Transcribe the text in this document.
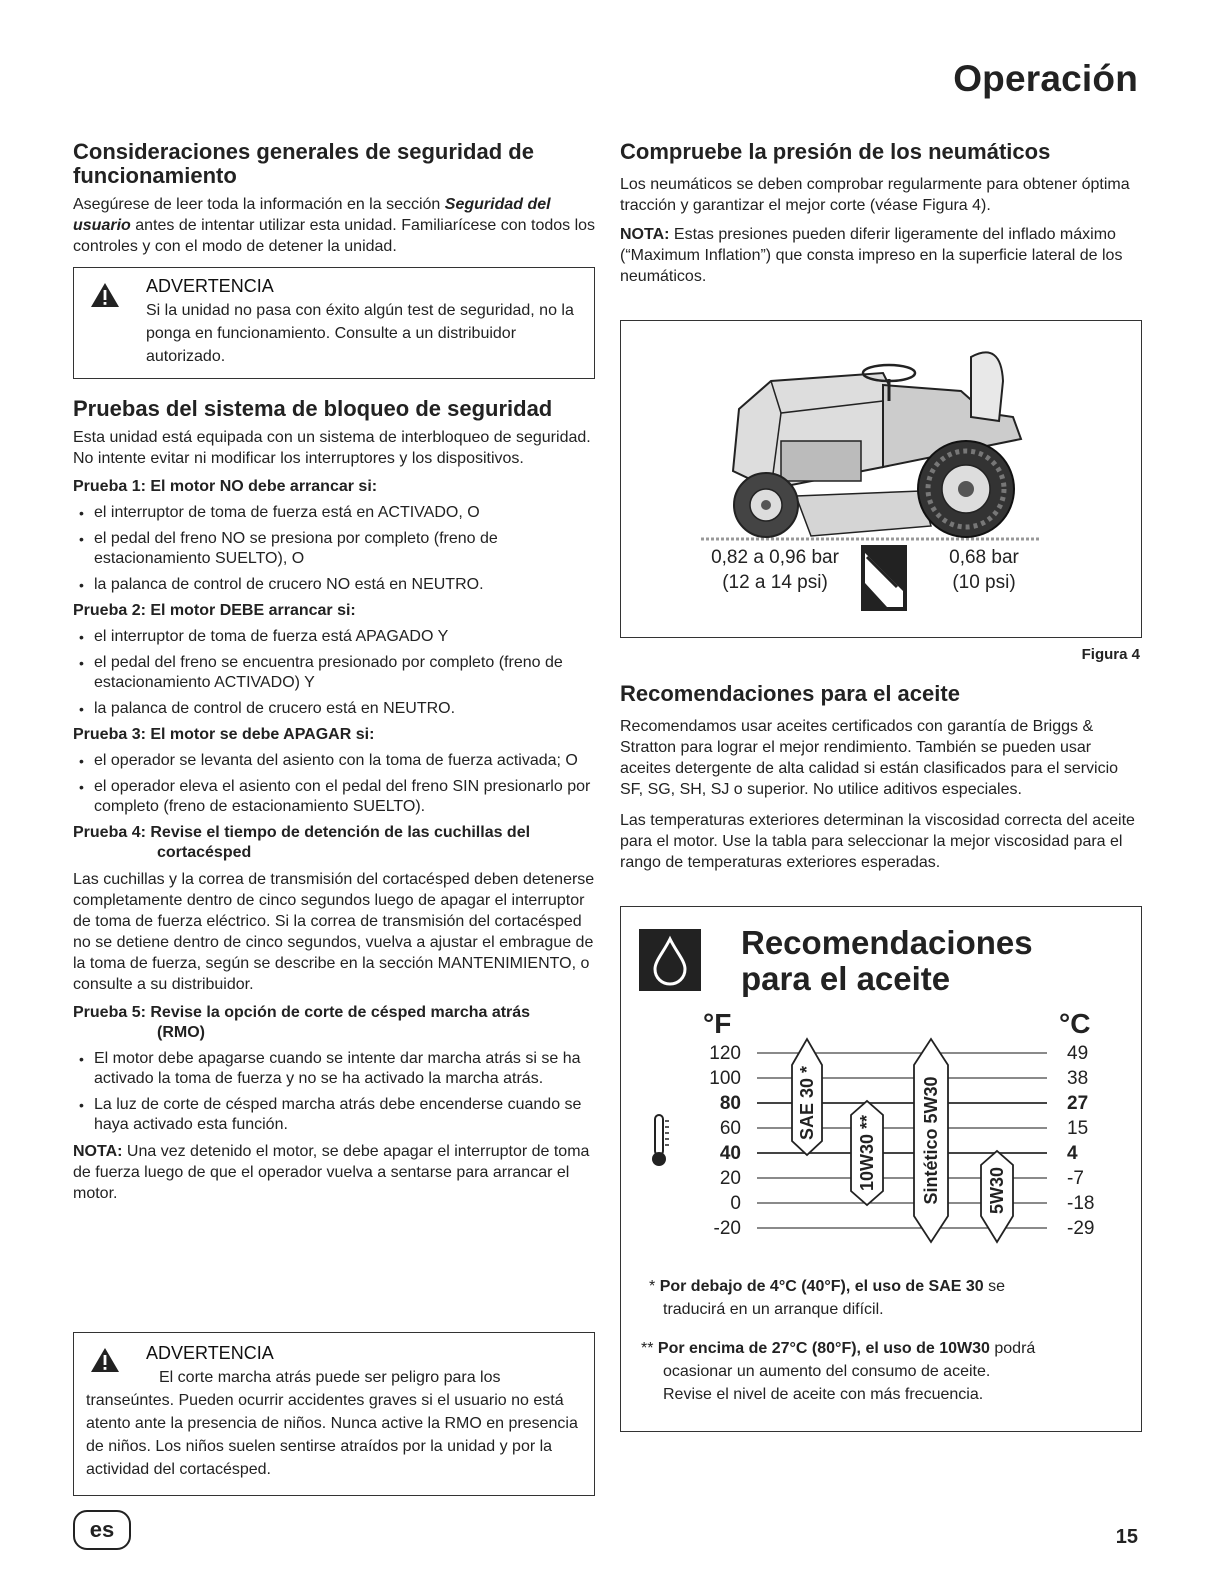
Operación
Consideraciones generales de seguridad de funcionamiento

Asegúrese de leer toda la información en la sección Seguridad del usuario antes de intentar utilizar esta unidad. Familiarícese con todos los controles y con el modo de detener la unidad.

ADVERTENCIA
Si la unidad no pasa con éxito algún test de seguridad, no la ponga en funcionamiento. Consulte a un distribuidor autorizado.
Pruebas del sistema de bloqueo de seguridad

Esta unidad está equipada con un sistema de interbloqueo de seguridad. No intente evitar ni modificar los interruptores y los dispositivos.

Prueba 1: El motor NO debe arrancar si:
• el interruptor de toma de fuerza está en ACTIVADO, O
• el pedal del freno NO se presiona por completo (freno de estacionamiento SUELTO), O
• la palanca de control de crucero NO está en NEUTRO.
Prueba 2: El motor DEBE arrancar si:
• el interruptor de toma de fuerza está APAGADO Y
• el pedal del freno se encuentra presionado por completo (freno de estacionamiento ACTIVADO) Y
• la palanca de control de crucero está en NEUTRO.
Prueba 3: El motor se debe APAGAR si:
• el operador se levanta del asiento con la toma de fuerza activada; O
• el operador eleva el asiento con el pedal del freno SIN presionarlo por completo (freno de estacionamiento SUELTO).
Prueba 4: Revise el tiempo de detención de las cuchillas del
cortacésped

Las cuchillas y la correa de transmisión del cortacésped deben detenerse completamente dentro de cinco segundos luego de apagar el interruptor de toma de fuerza eléctrico. Si la correa de transmisión del cortacésped no se detiene dentro de cinco segundos, vuelva a ajustar el embrague de la toma de fuerza, según se describe en la sección MANTENIMIENTO, o consulte a su distribuidor.

Prueba 5: Revise la opción de corte de césped marcha atrás
(RMO)
• El motor debe apagarse cuando se intente dar marcha atrás si se ha activado la toma de fuerza y no se ha activado la marcha atrás.
• La luz de corte de césped marcha atrás debe encenderse cuando se haya activado esta función.

NOTA: Una vez detenido el motor, se debe apagar el interruptor de toma de fuerza luego de que el operador vuelva a sentarse para arrancar el motor.

ADVERTENCIA
El corte marcha atrás puede ser peligro para los transeúntes. Pueden ocurrir accidentes graves si el usuario no está atento ante la presencia de niños. Nunca active la RMO en presencia de niños. Los niños suelen sentirse atraídos por la unidad y por la actividad del cortacésped.
es	15
Compruebe la presión de los neumáticos

Los neumáticos se deben comprobar regularmente para obtener óptima tracción y garantizar el mejor corte (véase Figura 4).

NOTA: Estas presiones pueden diferir ligeramente del inflado máximo (“Maximum Inflation”) que consta impreso en la superficie lateral de los neumáticos.

0,82 a 0,96 bar
(12 a 14 psi)
0,68 bar
(10 psi)
Figura 4
Recomendaciones para el aceite

Recomendamos usar aceites certificados con garantía de Briggs & Stratton para lograr el mejor rendimiento. También se pueden usar aceites detergente de alta calidad si están clasificados para el servicio SF, SG, SH, SJ o superior. No utilice aditivos especiales.

Las temperaturas exteriores determinan la viscosidad correcta del aceite para el motor. Use la tabla para seleccionar la mejor viscosidad para el rango de temperaturas exteriores esperadas.

Recomendaciones
para el aceite
°F	°C
120	49
100	38
80	27
60	15
40	4
20	-7
0	-18
-20	-29
SAE 30 *
10W30 ** Sintético 5W30	5W30
* Por debajo de 4°C (40°F), el uso de SAE 30 se
traducirá en un arranque difícil.
** Por encima de 27°C (80°F), el uso de 10W30 podrá
ocasionar un aumento del consumo de aceite.
Revise el nivel de aceite con más frecuencia.
